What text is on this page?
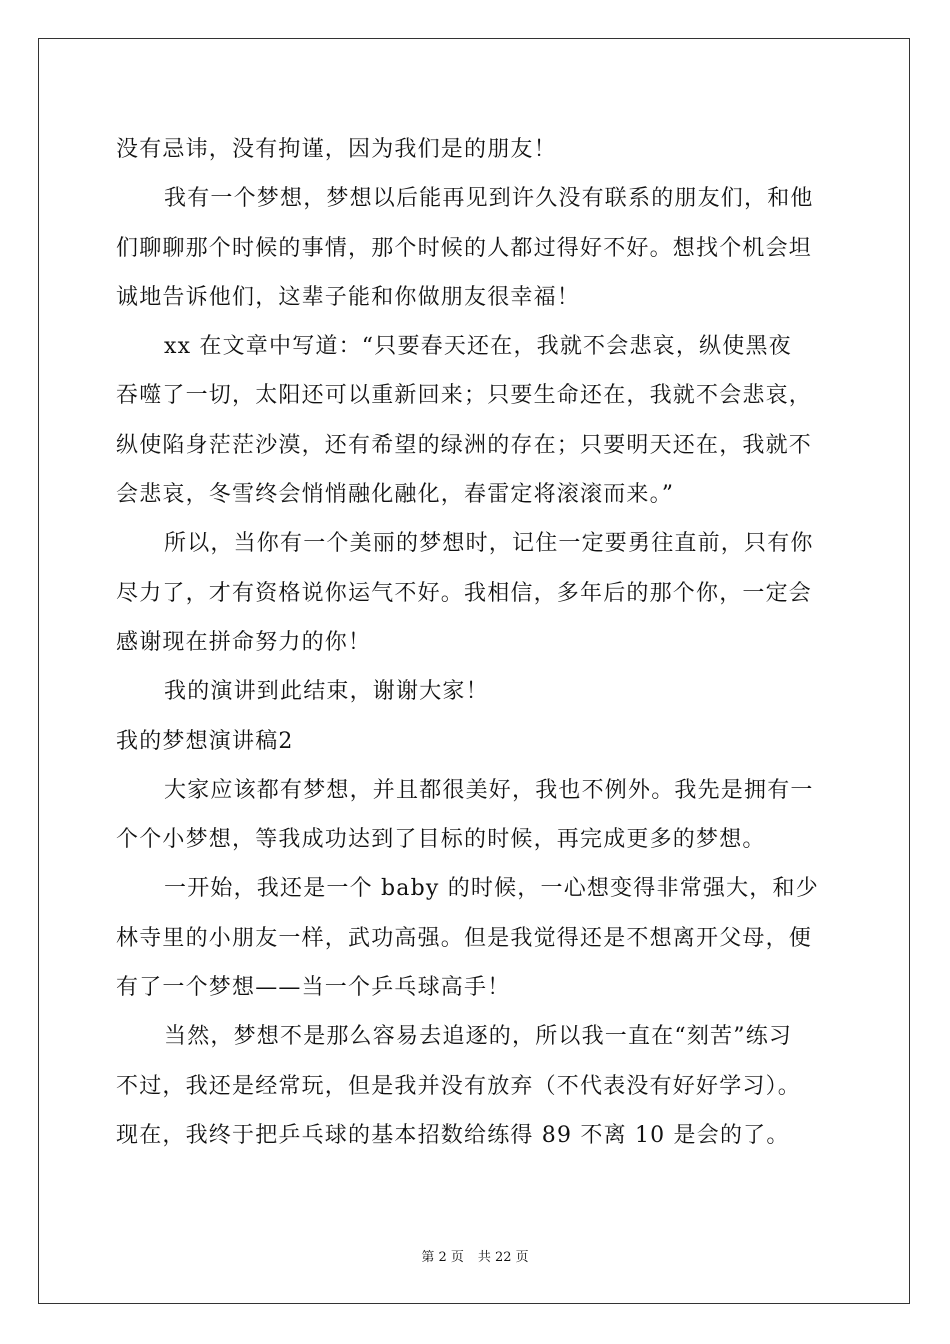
没有忌讳，没有拘谨，因为我们是的朋友！
我有一个梦想，梦想以后能再见到许久没有联系的朋友们，和他
们聊聊那个时候的事情，那个时候的人都过得好不好。想找个机会坦
诚地告诉他们，这辈子能和你做朋友很幸福！
xx 在文章中写道：“只要春天还在，我就不会悲哀，纵使黑夜
吞噬了一切，太阳还可以重新回来；只要生命还在，我就不会悲哀，
纵使陷身茫茫沙漠，还有希望的绿洲的存在；只要明天还在，我就不
会悲哀，冬雪终会悄悄融化融化，春雷定将滚滚而来。”
所以，当你有一个美丽的梦想时，记住一定要勇往直前，只有你
尽力了，才有资格说你运气不好。我相信，多年后的那个你，一定会
感谢现在拼命努力的你！
我的演讲到此结束，谢谢大家！
我的梦想演讲稿2
大家应该都有梦想，并且都很美好，我也不例外。我先是拥有一
个个小梦想，等我成功达到了目标的时候，再完成更多的梦想。
一开始，我还是一个 baby 的时候，一心想变得非常强大，和少
林寺里的小朋友一样，武功高强。但是我觉得还是不想离开父母，便
有了一个梦想——当一个乒乓球高手！
当然，梦想不是那么容易去追逐的，所以我一直在“刻苦”练习
不过，我还是经常玩，但是我并没有放弃（不代表没有好好学习）。
现在，我终于把乒乓球的基本招数给练得 89 不离 10 是会的了。
第 2 页 共 22 页
